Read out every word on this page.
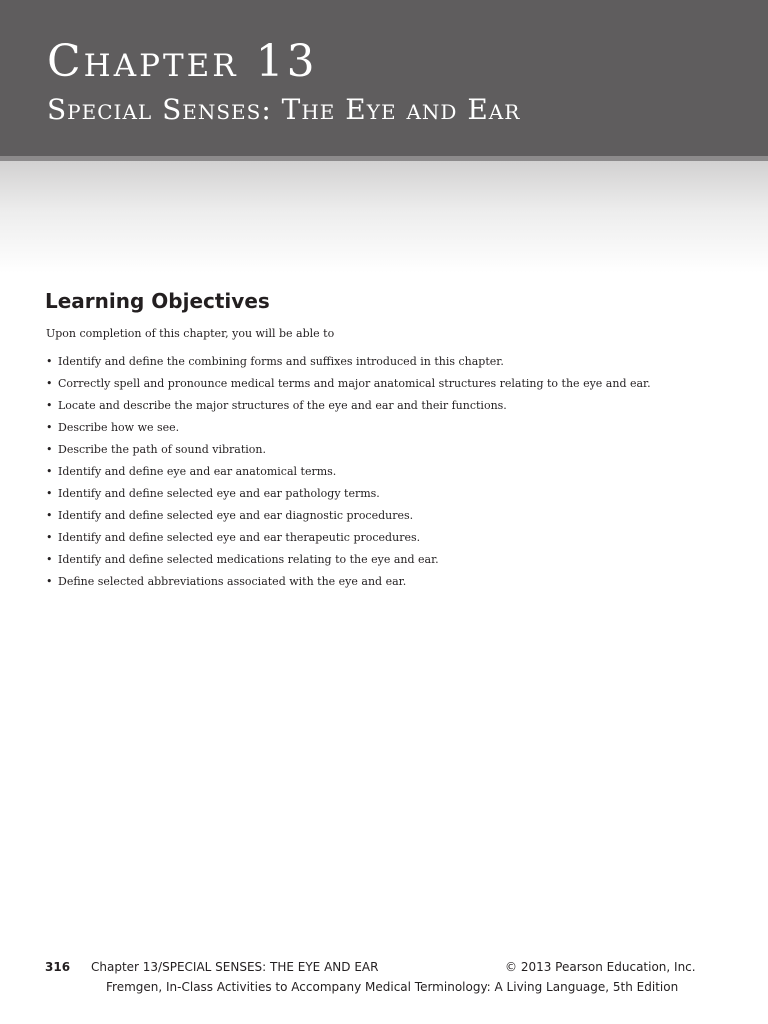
Chapter 13
Special Senses: The Eye and Ear
Learning Objectives

Upon completion of this chapter, you will be able to

• Identify and define the combining forms and suffixes introduced in this chapter.
• Correctly spell and pronounce medical terms and major anatomical structures relating to the eye and ear.
• Locate and describe the major structures of the eye and ear and their functions.
• Describe how we see.
• Describe the path of sound vibration.
• Identify and define eye and ear anatomical terms.
• Identify and define selected eye and ear pathology terms.
• Identify and define selected eye and ear diagnostic procedures.
• Identify and define selected eye and ear therapeutic procedures.
• Identify and define selected medications relating to the eye and ear.
• Define selected abbreviations associated with the eye and ear.
316 Chapter 13/SPECIAL SENSES: THE EYE AND EAR	© 2013 Pearson Education, Inc.
Fremgen, In-Class Activities to Accompany Medical Terminology: A Living Language, 5th Edition
